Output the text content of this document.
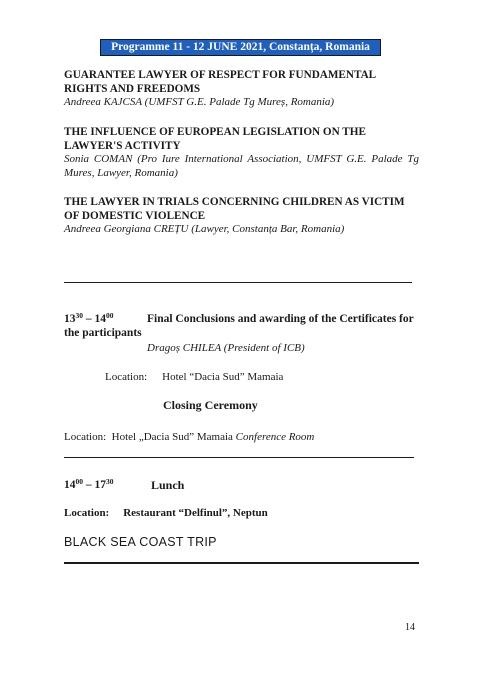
Programme 11 - 12 JUNE 2021, Constanța, Romania
GUARANTEE LAWYER OF RESPECT FOR FUNDAMENTAL
RIGHTS AND FREEDOMS
Andreea KAJCSA (UMFST G.E. Palade Tg Mureș, Romania)
THE INFLUENCE OF EUROPEAN LEGISLATION ON THE
LAWYER'S ACTIVITY
Sonia COMAN (Pro Iure International Association, UMFST G.E. Palade Tg
Mures, Lawyer, Romania)
THE LAWYER IN TRIALS CONCERNING CHILDREN AS VICTIM
OF DOMESTIC VIOLENCE
Andreea Georgiana CREȚU (Lawyer, Constanța Bar, Romania)
$13^{30} - 14^{00}$	Final Conclusions and awarding of the Certificates for
the participants
Dragoș CHILEA (President of ICB)
Location: Hotel “Dacia Sud” Mamaia
Closing Ceremony
Location: Hotel „Dacia Sud” Mamaia Conference Room
$14^{00} - 17^{30}$	Lunch
Location: Restaurant “Delfinul”, Neptun
BLACK SEA COAST TRIP
14
